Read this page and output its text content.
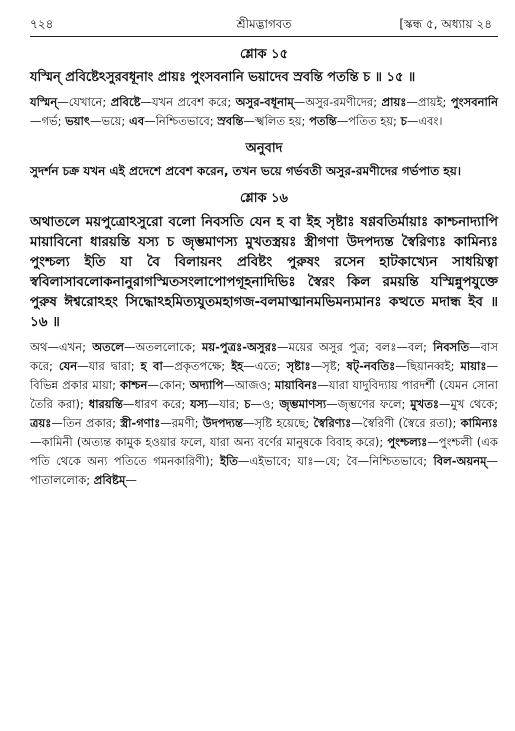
৭২৪	শ্রীমদ্ভাগবত	[স্কন্ধ ৫, অধ্যায় ২৪
শ্লোক ১৫
যস্মিন্ প্রবিষ্টেঽসুরবধূনাং প্রায়ঃ পুংসবনানি ভয়াদেব স্রবন্তি পতন্তি চ ॥ ১৫ ॥
যস্মিন্—যেখানে; প্রবিষ্টে—যখন প্রবেশ করে; অসুর-বধূনাম্—অসুর-রমণীদের; প্রায়ঃ—প্রায়ই; পুংসবনানি—গর্ভ; ভয়াৎ—ভয়ে; এব—নিশ্চিতভাবে; স্রবন্তি—স্খলিত হয়; পতন্তি—পতিত হয়; চ—এবং।
অনুবাদ
সুদর্শন চক্র যখন এই প্রদেশে প্রবেশ করেন, তখন ভয়ে গর্ভবতী অসুর-রমণীদের গর্ভপাত হয়।
শ্লোক ১৬
অথাতলে ময়পুত্রোঽসুরো বলো নিবসতি যেন হ বা ইহ সৃষ্টাঃ ষণ্ণবতির্মায়াঃ কাশ্চনাদ্যাপি মায়াবিনো ধারয়ন্তি যস্য চ জৃম্ভমাণস্য মুখতস্ত্রয়ঃ স্ত্রীগণা উদপদ্যন্ত স্বৈরিণ্যঃ কামিন্যঃ পুংশ্চল্য ইতি যা বৈ বিলায়নং প্রবিষ্টং পুরুষং রসেন হাটকাখ্যেন সাধয়িত্বা স্ববিলাসাবলোকনানুরাগস্মিতসংলাপোপগূহনাদিভিঃ স্বৈরং কিল রময়ন্তি যস্মিন্নুপযুক্তে পুরুষ ঈশ্বরোঽহং সিদ্ধোঽহমিত্যযুতমহাগজ-বলমাত্মানমভিমন্যমানঃ কত্থতে মদান্ধ ইব ॥ ১৬ ॥
অথ—এখন; অতলে—অতললোকে; ময়-পুত্রঃ-অসুরঃ—ময়ের অসুর পুত্র; বলঃ—বল; নিবসতি—বাস করে; যেন—যার দ্বারা; হ বা—প্রকৃতপক্ষে; ইহ—এতে; সৃষ্টাঃ—সৃষ্ট; ষট্-নবতিঃ—ছিয়ানব্বই; মায়াঃ—বিভিন্ন প্রকার মায়া; কাশ্চন—কোন; অদ্যাপি—আজও; মায়াবিনঃ—যারা যাদুবিদ্যায় পারদর্শী (যেমন সোনা তৈরি করা); ধারয়ন্তি—ধারণ করে; যস্য—যার; চ—ও; জৃম্ভমাণস্য—জৃম্ভণের ফলে; মুখতঃ—মুখ থেকে; ত্রয়ঃ—তিন প্রকার; স্ত্রী-গণাঃ—রমণী; উদপদ্যন্ত—সৃষ্টি হয়েছে; স্বৈরিণ্যঃ—স্বৈরিণী (স্বৈরে রতা); কামিন্যঃ—কামিনী (অত্যন্ত কামুক হওয়ার ফলে, যারা অন্য বর্ণের মানুষকে বিবাহ করে); পুংশ্চল্যঃ—পুংশ্চলী (এক পতি থেকে অন্য পতিতে গমনকারিণী); ইতি—এইভাবে; যাঃ—যে; বৈ—নিশ্চিতভাবে; বিল-অয়নম্—পাতাললোক; প্রবিষ্টম্—
